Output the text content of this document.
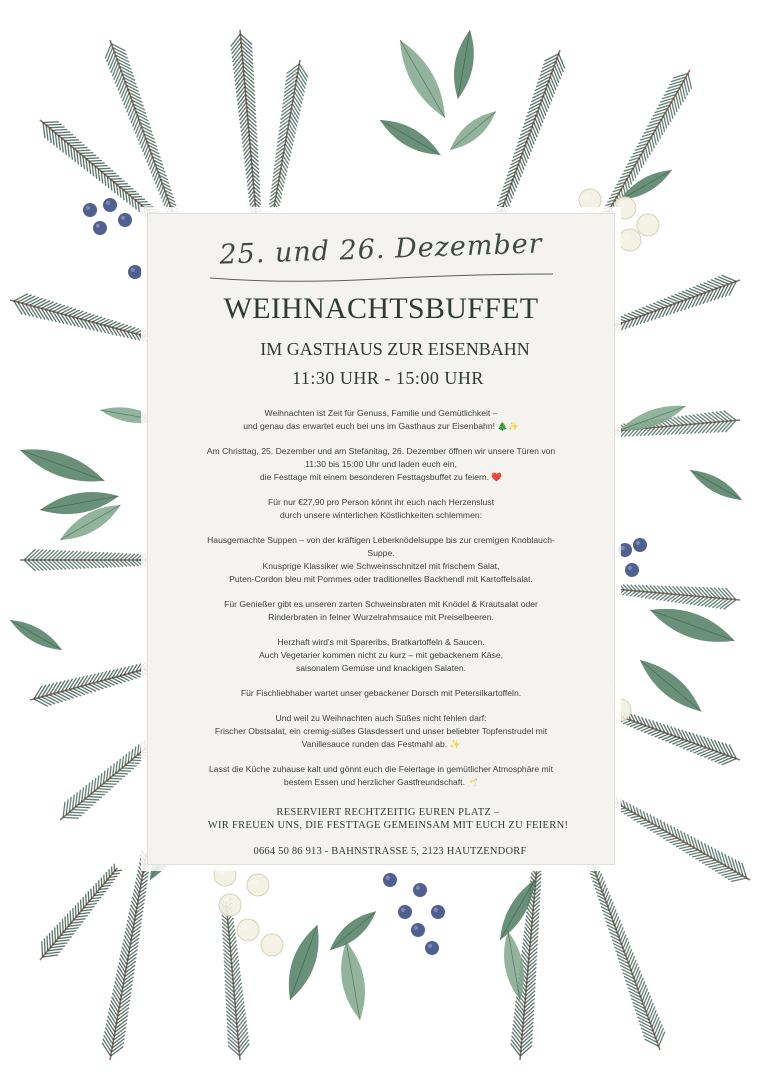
25. und 26. Dezember
WEIHNACHTSBUFFET
IM GASTHAUS ZUR EISENBAHN
11:30 UHR - 15:00 UHR
Weihnachten ist Zeit für Genuss, Familie und Gemütlichkeit –
und genau das erwartet euch bei uns im Gasthaus zur Eisenbahn! 🎄✨
Am Christtag, 25. Dezember und am Stefanitag, 26. Dezember öffnen wir unsere Türen von
11:30 bis 15:00 Uhr und laden euch ein,
die Festtage mit einem besonderen Festtagsbuffet zu feiern. ❤️
Für nur €27,90 pro Person könnt ihr euch nach Herzenslust
durch unsere winterlichen Köstlichkeiten schlemmen:
Hausgemachte Suppen – von der kräftigen Leberknödelsuppe bis zur cremigen Knoblauch-
Suppe.
Knusprige Klassiker wie Schweinsschnitzel mit frischem Salat,
Puten-Cordon bleu mit Pommes oder traditionelles Backhendl mit Kartoffelsalat.
Für Genießer gibt es unseren zarten Schweinsbraten mit Knödel & Krautsalat oder
Rinderbraten in feiner Wurzelrahmsauce mit Preiselbeeren.
Herzhaft wird's mit Spareribs, Bratkartoffeln & Saucen.
Auch Vegetarier kommen nicht zu kurz – mit gebackenem Käse,
saisonalem Gemüse und knackigen Salaten.
Für Fischliebhaber wartet unser gebackener Dorsch mit Petersilkartoffeln.
Und weil zu Weihnachten auch Süßes nicht fehlen darf:
Frischer Obstsalat, ein cremig-süßes Glasdessert und unser beliebter Topfenstrudel mit
Vanillesauce runden das Festmahl ab. ✨
Lasst die Küche zuhause kalt und gönnt euch die Feiertage in gemütlicher Atmosphäre mit
bestem Essen und herzlicher Gastfreundschaft. 🥂
RESERVIERT RECHTZEITIG EUREN PLATZ –
WIR FREUEN UNS, DIE FESTTAGE GEMEINSAM MIT EUCH ZU FEIERN!
0664 50 86 913 - BAHNSTRASSE 5, 2123 HAUTZENDORF
